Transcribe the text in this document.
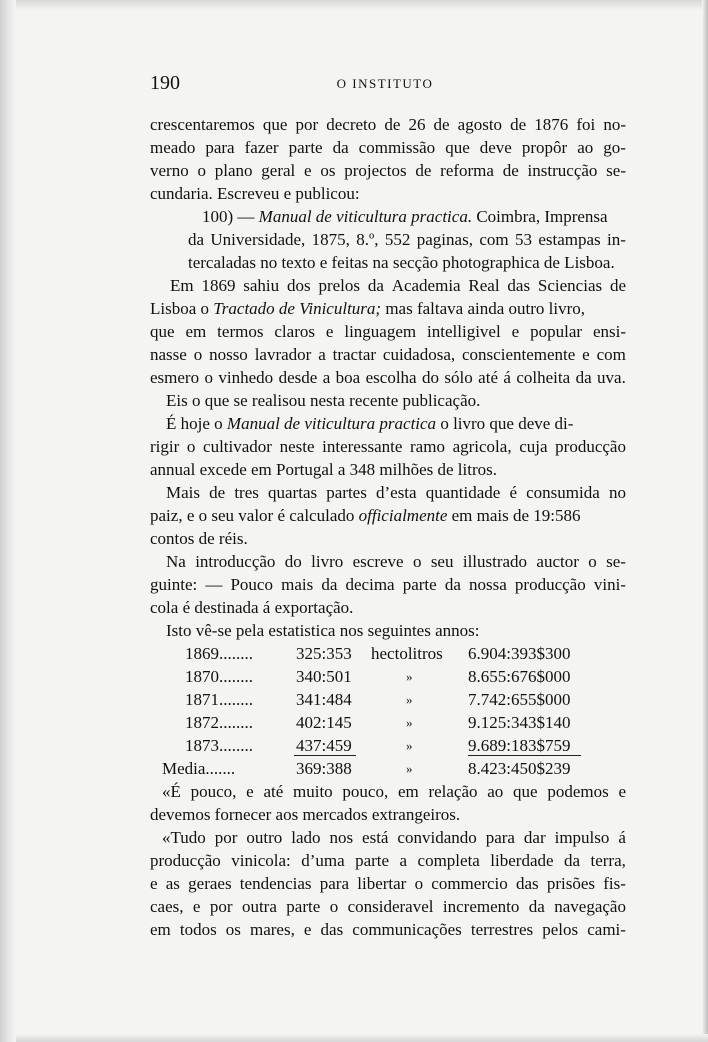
190	O INSTITUTO
crescentaremos que por decreto de 26 de agosto de 1876 foi no-
meado para fazer parte da commissão que deve propôr ao go-
verno o plano geral e os projectos de reforma de instrucção se-
cundaria. Escreveu e publicou:
100) — Manual de viticultura practica. Coimbra, Imprensa
da Universidade, 1875, 8.º, 552 paginas, com 53 estampas in-
tercaladas no texto e feitas na secção photographica de Lisboa.
Em 1869 sahiu dos prelos da Academia Real das Sciencias de
Lisboa o Tractado de Vinicultura; mas faltava ainda outro livro,
que em termos claros e linguagem intelligivel e popular ensi-
nasse o nosso lavrador a tractar cuidadosa, conscientemente e com
esmero o vinhedo desde a boa escolha do sólo até á colheita da uva.
Eis o que se realisou nesta recente publicação.
É hoje o Manual de viticultura practica o livro que deve di-
rigir o cultivador neste interessante ramo agricola, cuja producção
annual excede em Portugal a 348 milhões de litros.
Mais de tres quartas partes d’esta quantidade é consumida no
paiz, e o seu valor é calculado officialmente em mais de 19:586
contos de réis.
Na introducção do livro escreve o seu illustrado auctor o se-
guinte: — Pouco mais da decima parte da nossa producção vini-
cola é destinada á exportação.
Isto vê-se pela estatistica nos seguintes annos:
1869........	325:353 hectolitros 6.904:393$300
1870........	340:501	»	8.655:676$000
1871........	341:484	»	7.742:655$000
1872........	402:145	»	9.125:343$140
1873........	437:459	»	9.689:183$759
Media.......	369:388	»	8.423:450$239
«É pouco, e até muito pouco, em relação ao que podemos e
devemos fornecer aos mercados extrangeiros.
«Tudo por outro lado nos está convidando para dar impulso á
producção vinicola: d’uma parte a completa liberdade da terra,
e as geraes tendencias para libertar o commercio das prisões fis-
caes, e por outra parte o consideravel incremento da navegação
em todos os mares, e das communicações terrestres pelos cami-
